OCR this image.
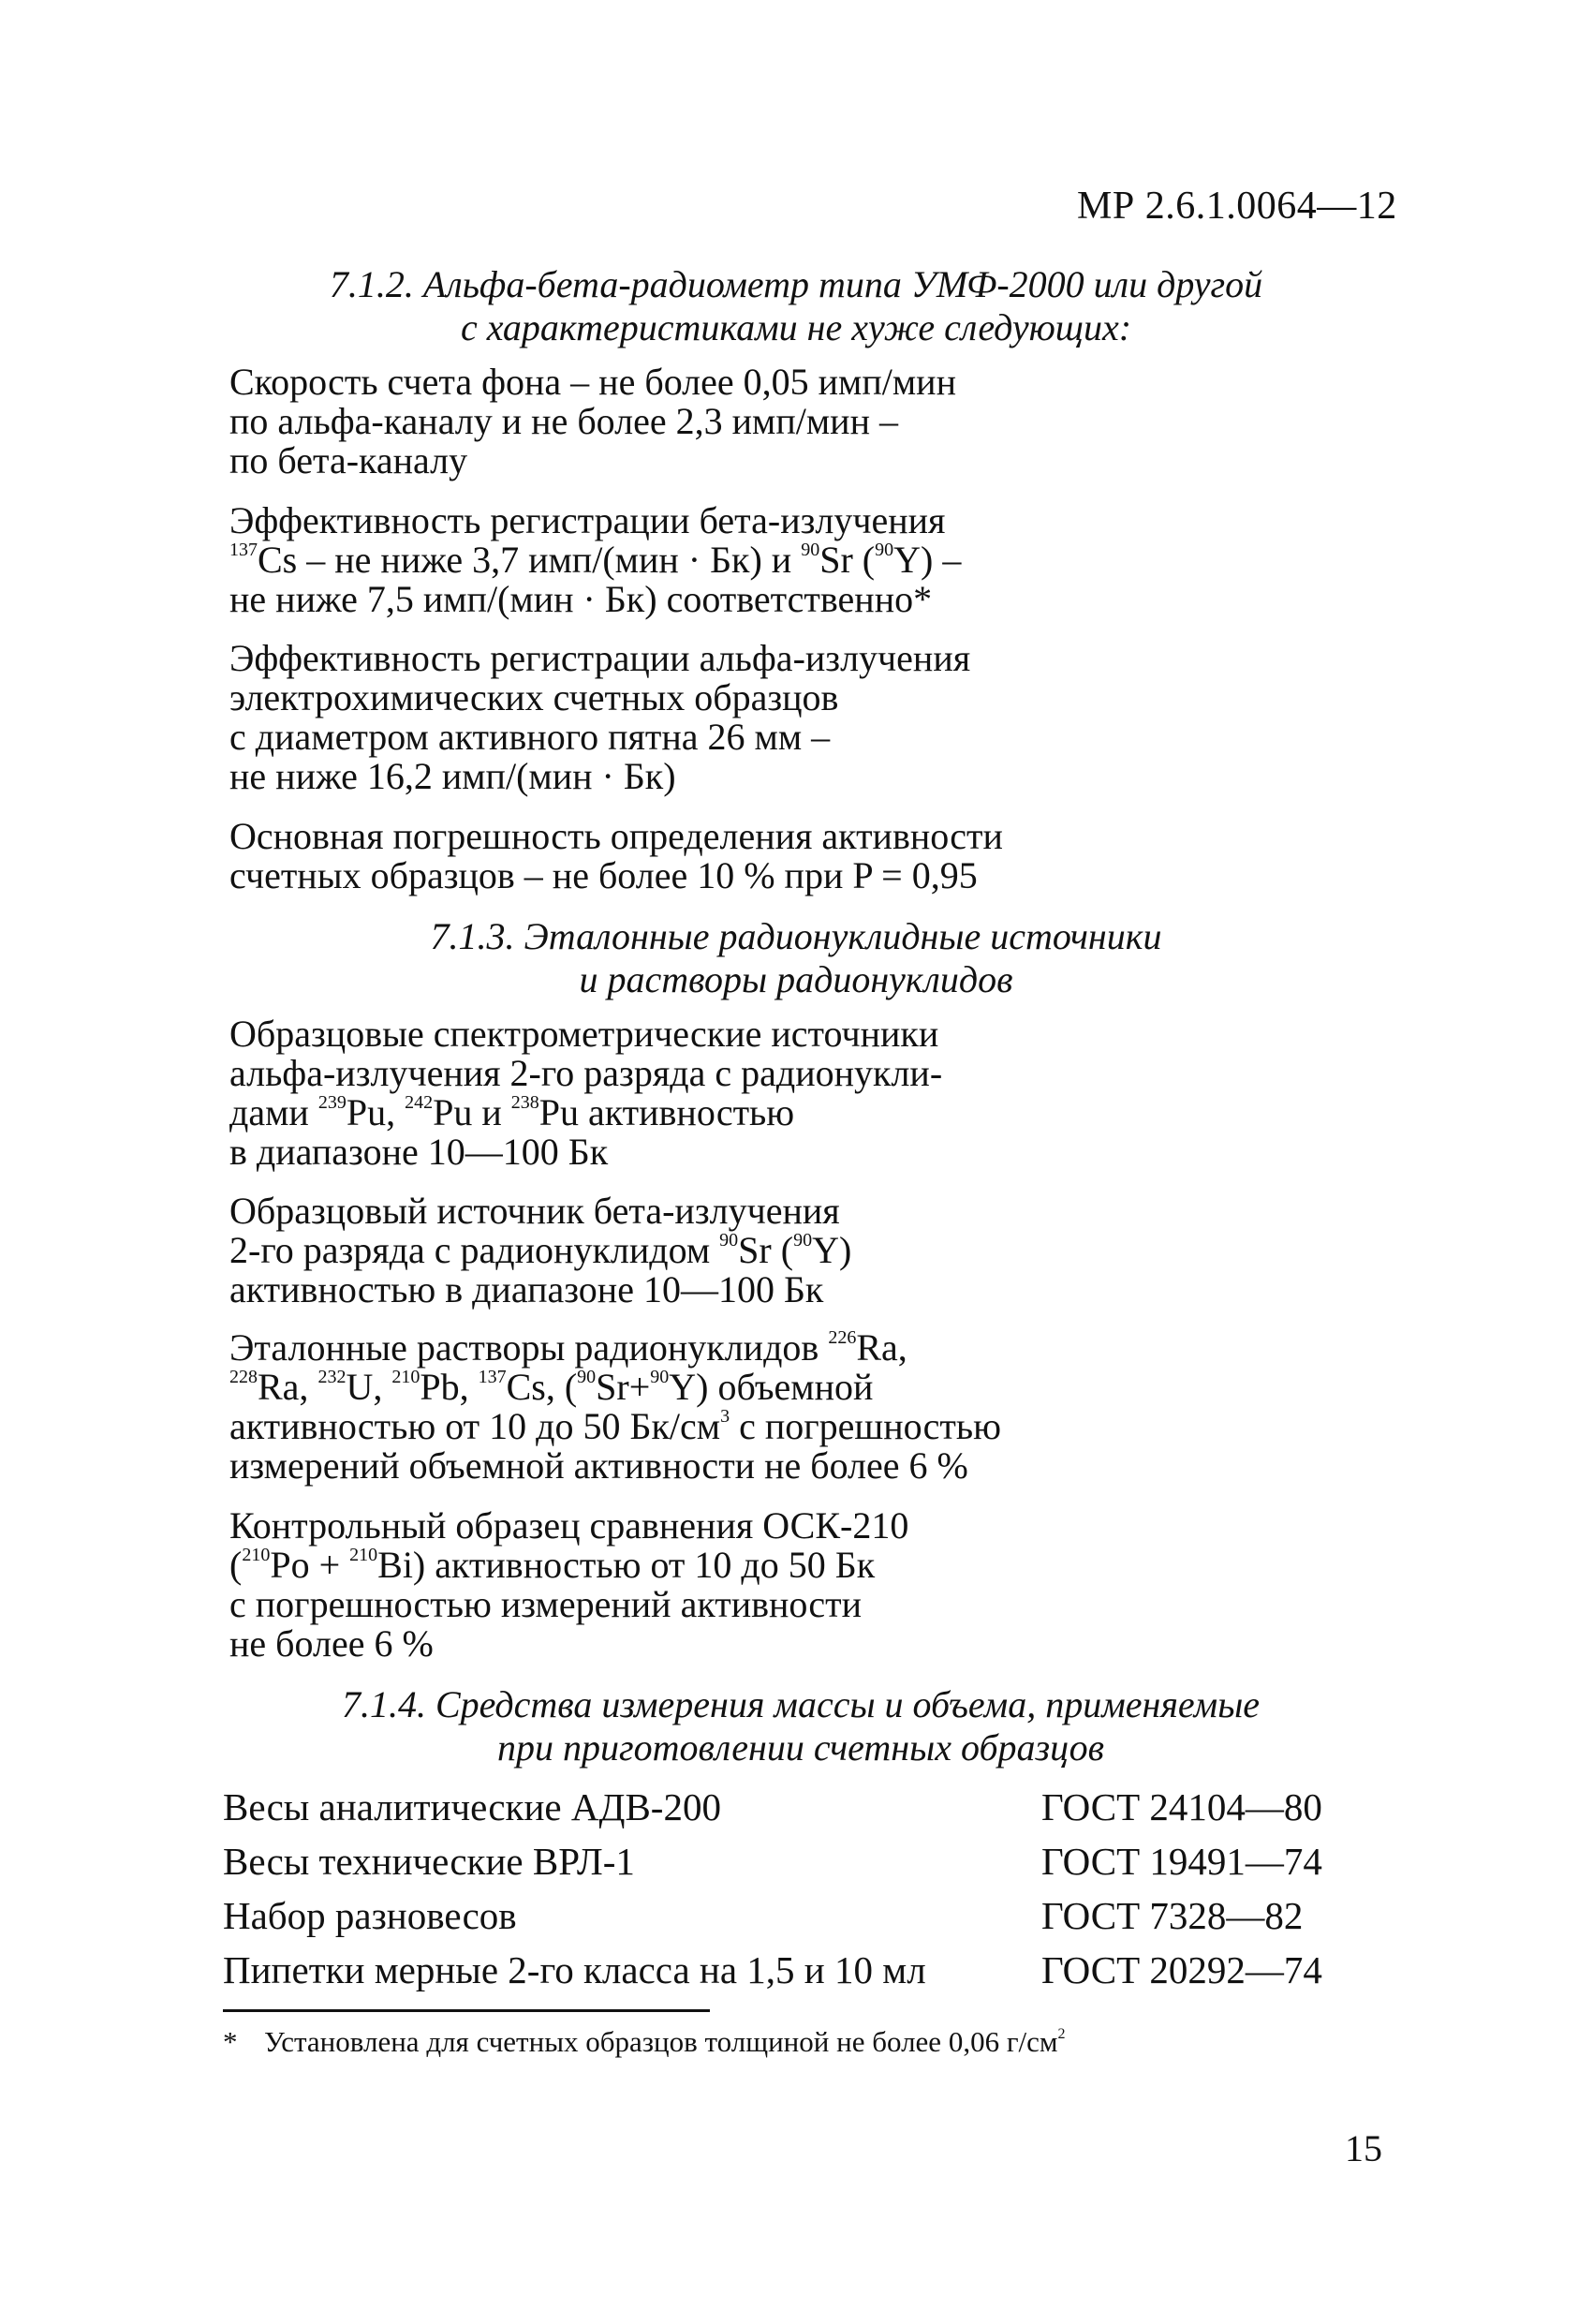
МР 2.6.1.0064—12
7.1.2. Альфа-бета-радиометр типа УМФ-2000 или другой
с характеристиками не хуже следующих:
Скорость счета фона – не более 0,05 имп/мин
по альфа-каналу и не более 2,3 имп/мин –
по бета-каналу
Эффективность регистрации бета-излучения
$^{137}$Cs – не ниже 3,7 имп/(мин · Бк) и $^{90}$Sr ($^{90}$Y) –
не ниже 7,5 имп/(мин · Бк) соответственно*
Эффективность регистрации альфа-излучения
электрохимических счетных образцов
с диаметром активного пятна 26 мм –
не ниже 16,2 имп/(мин · Бк)
Основная погрешность определения активности
счетных образцов – не более 10 % при P = 0,95
7.1.3. Эталонные радионуклидные источники
и растворы радионуклидов
Образцовые спектрометрические источники
альфа-излучения 2-го разряда с радионукли-
дами $^{239}$Pu, $^{242}$Pu и $^{238}$Pu активностью
в диапазоне 10—100 Бк
Образцовый источник бета-излучения
2-го разряда с радионуклидом $^{90}$Sr ($^{90}$Y)
активностью в диапазоне 10—100 Бк
Эталонные растворы радионуклидов $^{226}$Ra,
$^{228}$Ra, $^{232}$U, $^{210}$Pb, $^{137}$Cs, ($^{90}$Sr+$^{90}$Y) объемной
активностью от 10 до 50 $Бк/см^3$ с погрешностью
измерений объемной активности не более 6 %
Контрольный образец сравнения ОСК-210
($^{210}$Po + $^{210}$Bi) активностью от 10 до 50 Бк
с погрешностью измерений активности
не более 6 %
7.1.4. Средства измерения массы и объема, применяемые
при приготовлении счетных образцов
Весы аналитические АДВ-200	ГОСТ 24104—80
Весы технические ВРЛ-1	ГОСТ 19491—74
Набор разновесов	ГОСТ 7328—82
Пипетки мерные 2-го класса на 1,5 и 10 мл	ГОСТ 20292—74
* Установлена для счетных образцов толщиной не более 0,06 $г/см^2$
15
